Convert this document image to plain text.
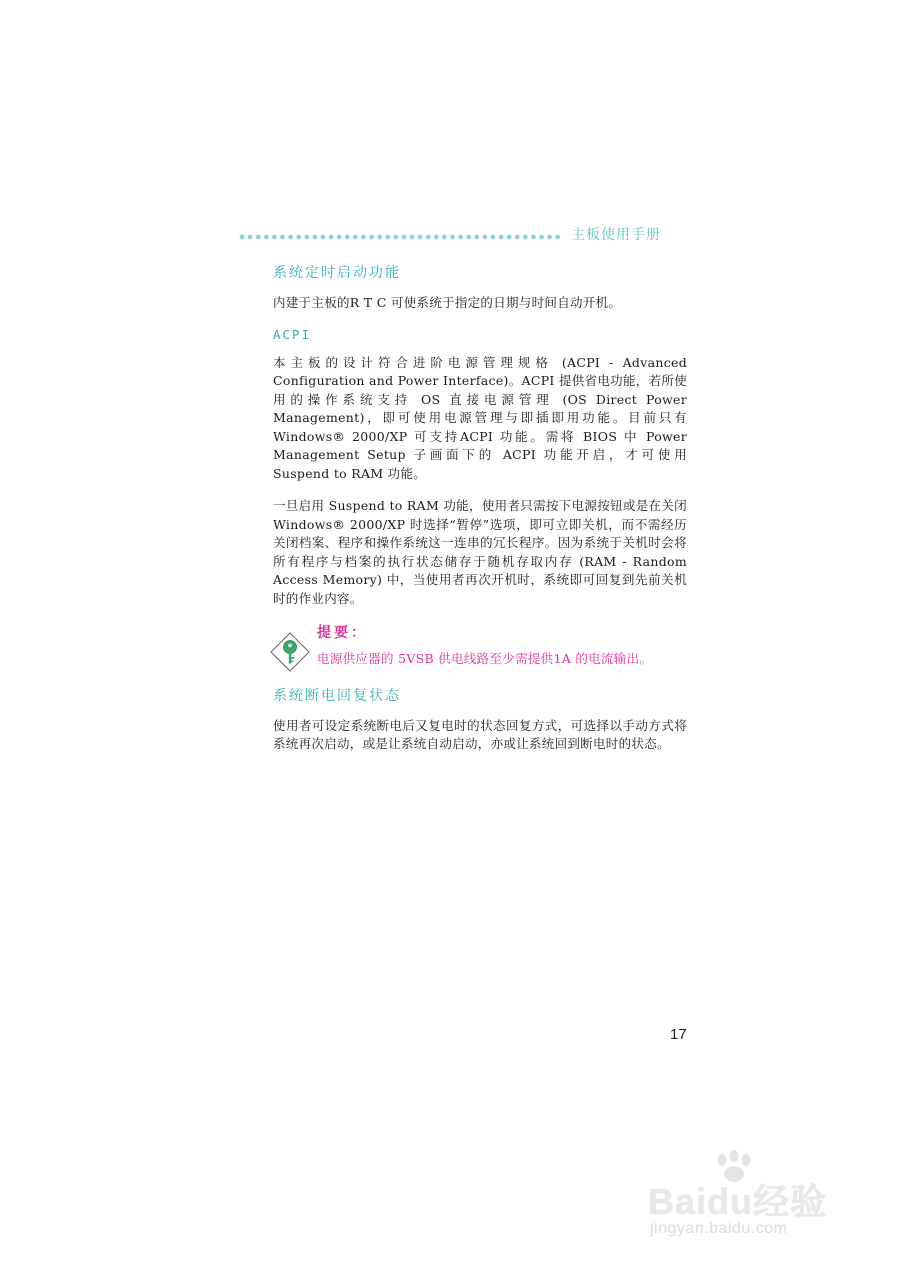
主板使用手册
系统定时启动功能

内建于主板的R T C 可使系统于指定的日期与时间自动开机。

ACPI

本主板的设计符合进阶电源管理规格 (ACPI - Advanced Configuration and Power Interface)。ACPI 提供省电功能，若所使用的操作系统支持 OS 直接电源管理 (OS Direct Power Management)，即可使用电源管理与即插即用功能。目前只有 Windows® 2000/XP 可支持ACPI 功能。需将 BIOS 中 Power Management Setup 子画面下的 ACPI 功能开启，才可使用 Suspend to RAM 功能。

一旦启用 Suspend to RAM 功能，使用者只需按下电源按钮或是在关闭 Windows® 2000/XP 时选择“暂停”选项，即可立即关机，而不需经历关闭档案、程序和操作系统这一连串的冗长程序。因为系统于关机时会将所有程序与档案的执行状态储存于随机存取内存 (RAM - Random Access Memory) 中，当使用者再次开机时，系统即可回复到先前关机时的作业内容。

提要：
电源供应器的 5VSB 供电线路至少需提供1A 的电流输出。
系统断电回复状态

使用者可设定系统断电后又复电时的状态回复方式，可选择以手动方式将系统再次启动，或是让系统自动启动，亦或让系统回到断电时的状态。

17
Baidu经验
jingyan.baidu.com
